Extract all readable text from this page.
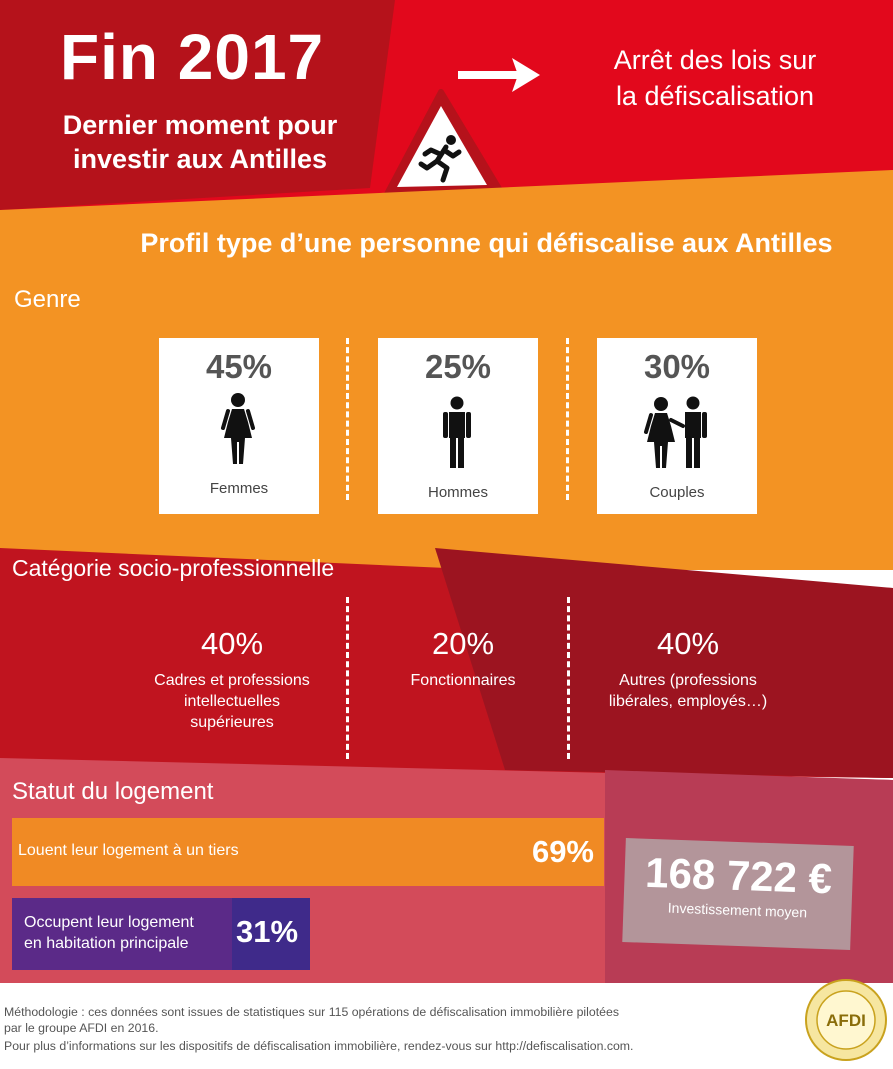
Fin 2017
Dernier moment pour
investir aux Antilles
Arrêt des lois sur
la défiscalisation
Profil type d’une personne qui défiscalise aux Antilles
Genre
45%
Femmes
25%
Hommes
30%
Couples
Catégorie socio-professionnelle
40%
Cadres et professions
intellectuelles
supérieures
20%
Fonctionnaires
40%
Autres (professions
libérales, employés…)
Statut du logement
Louent leur logement à un tiers	69%
Occupent leur logement
en habitation principale 31%
168 722 €
Investissement moyen

Méthodologie : ces données sont issues de statistiques sur 115 opérations de défiscalisation immobilière pilotées

par le groupe AFDI en 2016.

Pour plus d’informations sur les dispositifs de défiscalisation immobilière, rendez-vous sur http://defiscalisation.com.

AFDI
